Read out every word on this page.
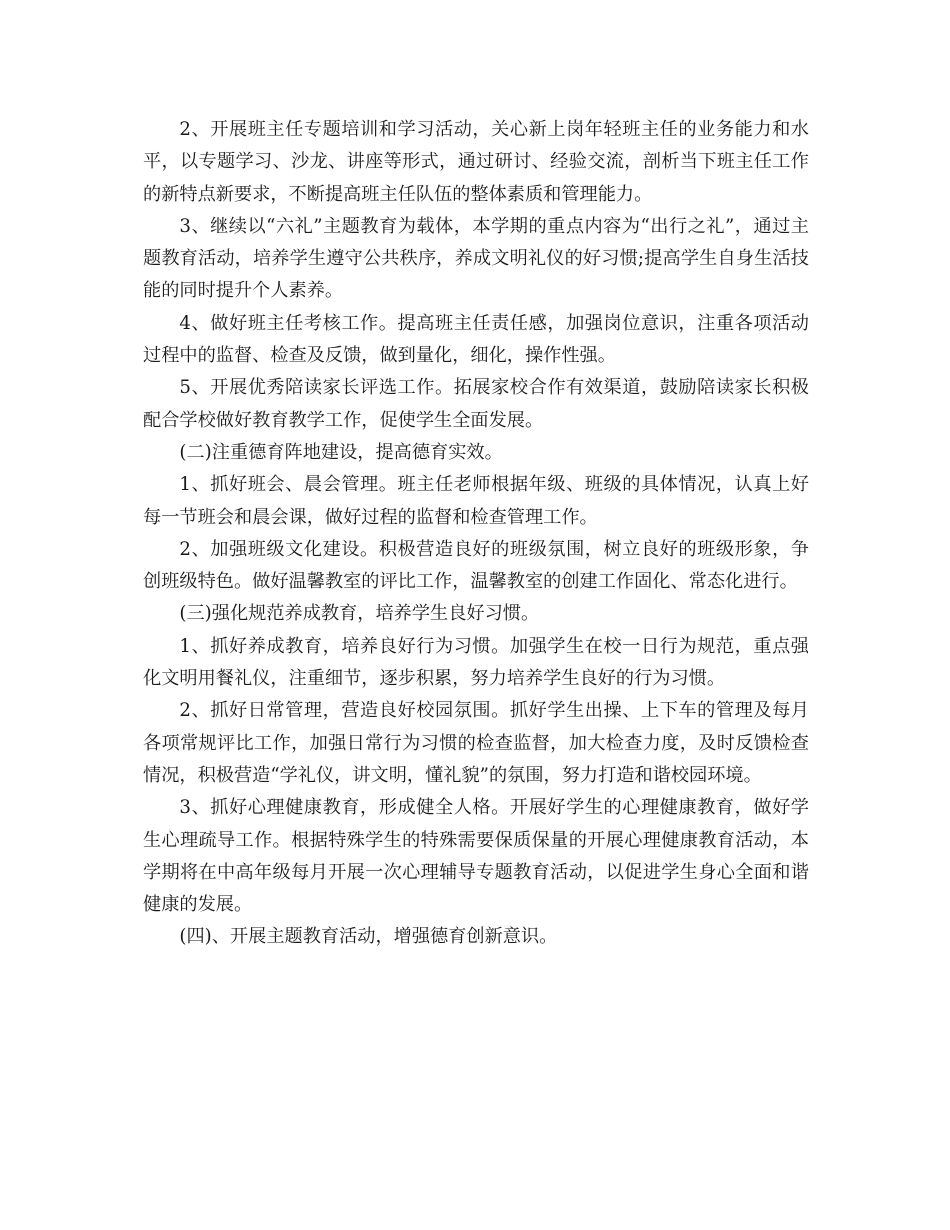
2、开展班主任专题培训和学习活动，关心新上岗年轻班主任的业务能力和水平，以专题学习、沙龙、讲座等形式，通过研讨、经验交流，剖析当下班主任工作的新特点新要求，不断提高班主任队伍的整体素质和管理能力。

3、继续以“六礼”主题教育为载体，本学期的重点内容为“出行之礼”，通过主题教育活动，培养学生遵守公共秩序，养成文明礼仪的好习惯;提高学生自身生活技能的同时提升个人素养。

4、做好班主任考核工作。提高班主任责任感，加强岗位意识，注重各项活动过程中的监督、检查及反馈，做到量化，细化，操作性强。

5、开展优秀陪读家长评选工作。拓展家校合作有效渠道，鼓励陪读家长积极配合学校做好教育教学工作，促使学生全面发展。

(二)注重德育阵地建设，提高德育实效。

1、抓好班会、晨会管理。班主任老师根据年级、班级的具体情况，认真上好每一节班会和晨会课，做好过程的监督和检查管理工作。

2、加强班级文化建设。积极营造良好的班级氛围，树立良好的班级形象，争创班级特色。做好温馨教室的评比工作，温馨教室的创建工作固化、常态化进行。

(三)强化规范养成教育，培养学生良好习惯。

1、抓好养成教育，培养良好行为习惯。加强学生在校一日行为规范，重点强化文明用餐礼仪，注重细节，逐步积累，努力培养学生良好的行为习惯。

2、抓好日常管理，营造良好校园氛围。抓好学生出操、上下车的管理及每月各项常规评比工作，加强日常行为习惯的检查监督，加大检查力度，及时反馈检查情况，积极营造“学礼仪，讲文明，懂礼貌”的氛围，努力打造和谐校园环境。

3、抓好心理健康教育，形成健全人格。开展好学生的心理健康教育，做好学生心理疏导工作。根据特殊学生的特殊需要保质保量的开展心理健康教育活动，本学期将在中高年级每月开展一次心理辅导专题教育活动，以促进学生身心全面和谐健康的发展。

(四)、开展主题教育活动，增强德育创新意识。
